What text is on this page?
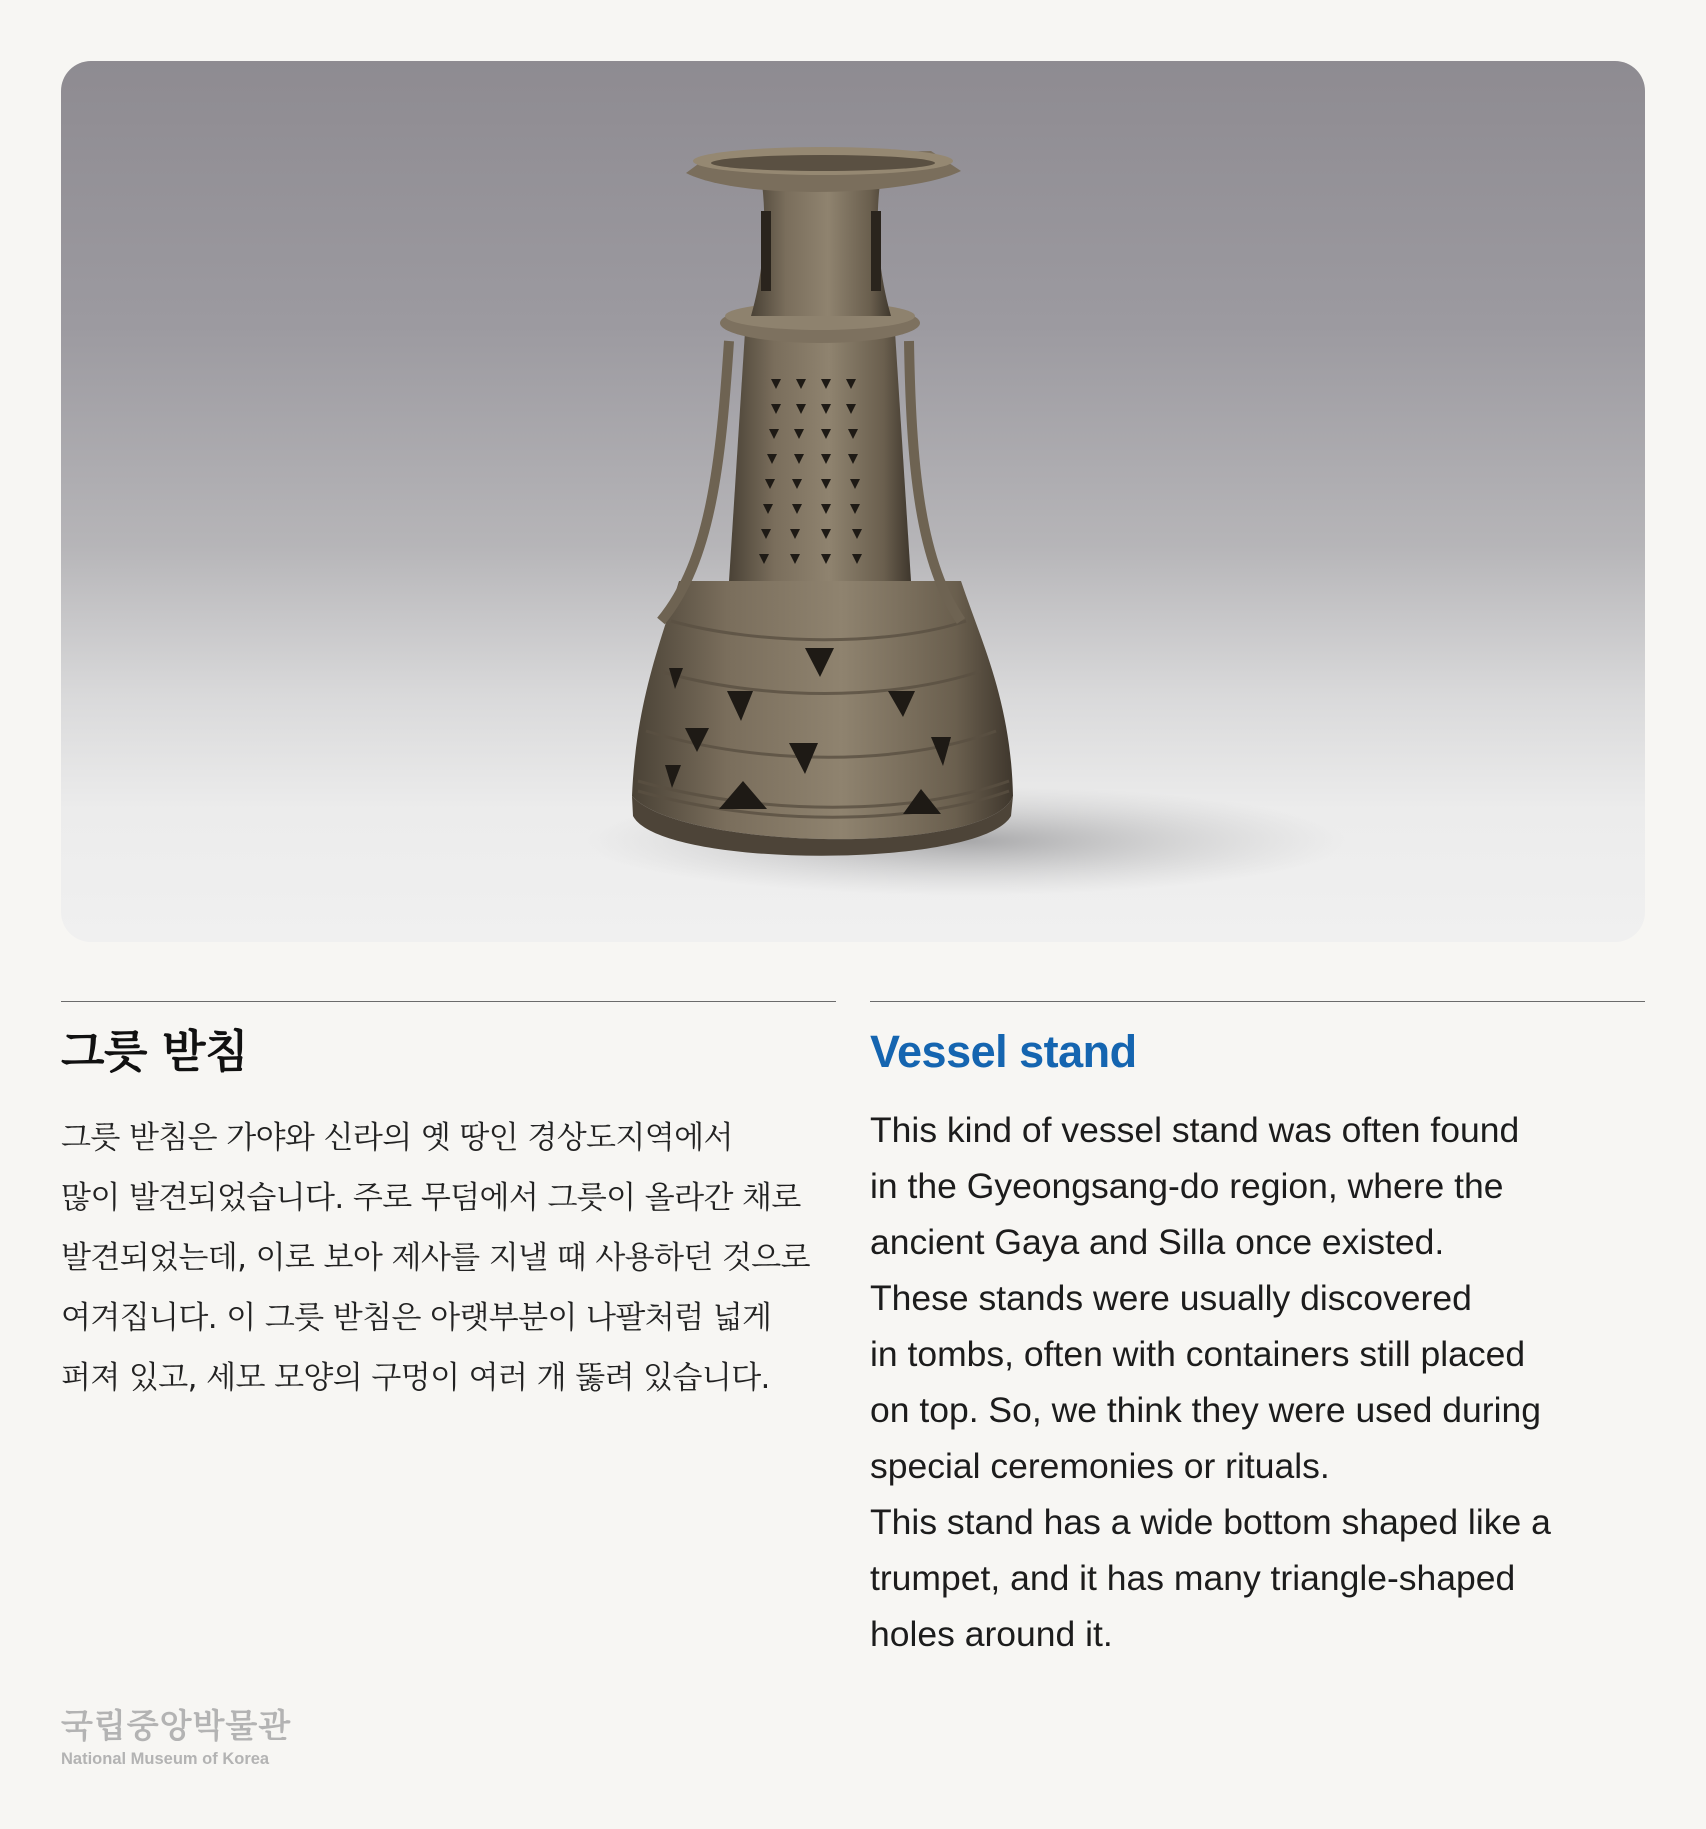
그릇 받침

그릇 받침은 가야와 신라의 옛 땅인 경상도지역에서
많이 발견되었습니다. 주로 무덤에서 그릇이 올라간 채로
발견되었는데, 이로 보아 제사를 지낼 때 사용하던 것으로
여겨집니다. 이 그릇 받침은 아랫부분이 나팔처럼 넓게
퍼져 있고, 세모 모양의 구멍이 여러 개 뚫려 있습니다.

Vessel stand

This kind of vessel stand was often found
in the Gyeongsang-do region, where the
ancient Gaya and Silla once existed.
These stands were usually discovered
in tombs, often with containers still placed
on top. So, we think they were used during
special ceremonies or rituals.
This stand has a wide bottom shaped like a
trumpet, and it has many triangle-shaped
holes around it.

국립중앙박물관
National Museum of Korea
